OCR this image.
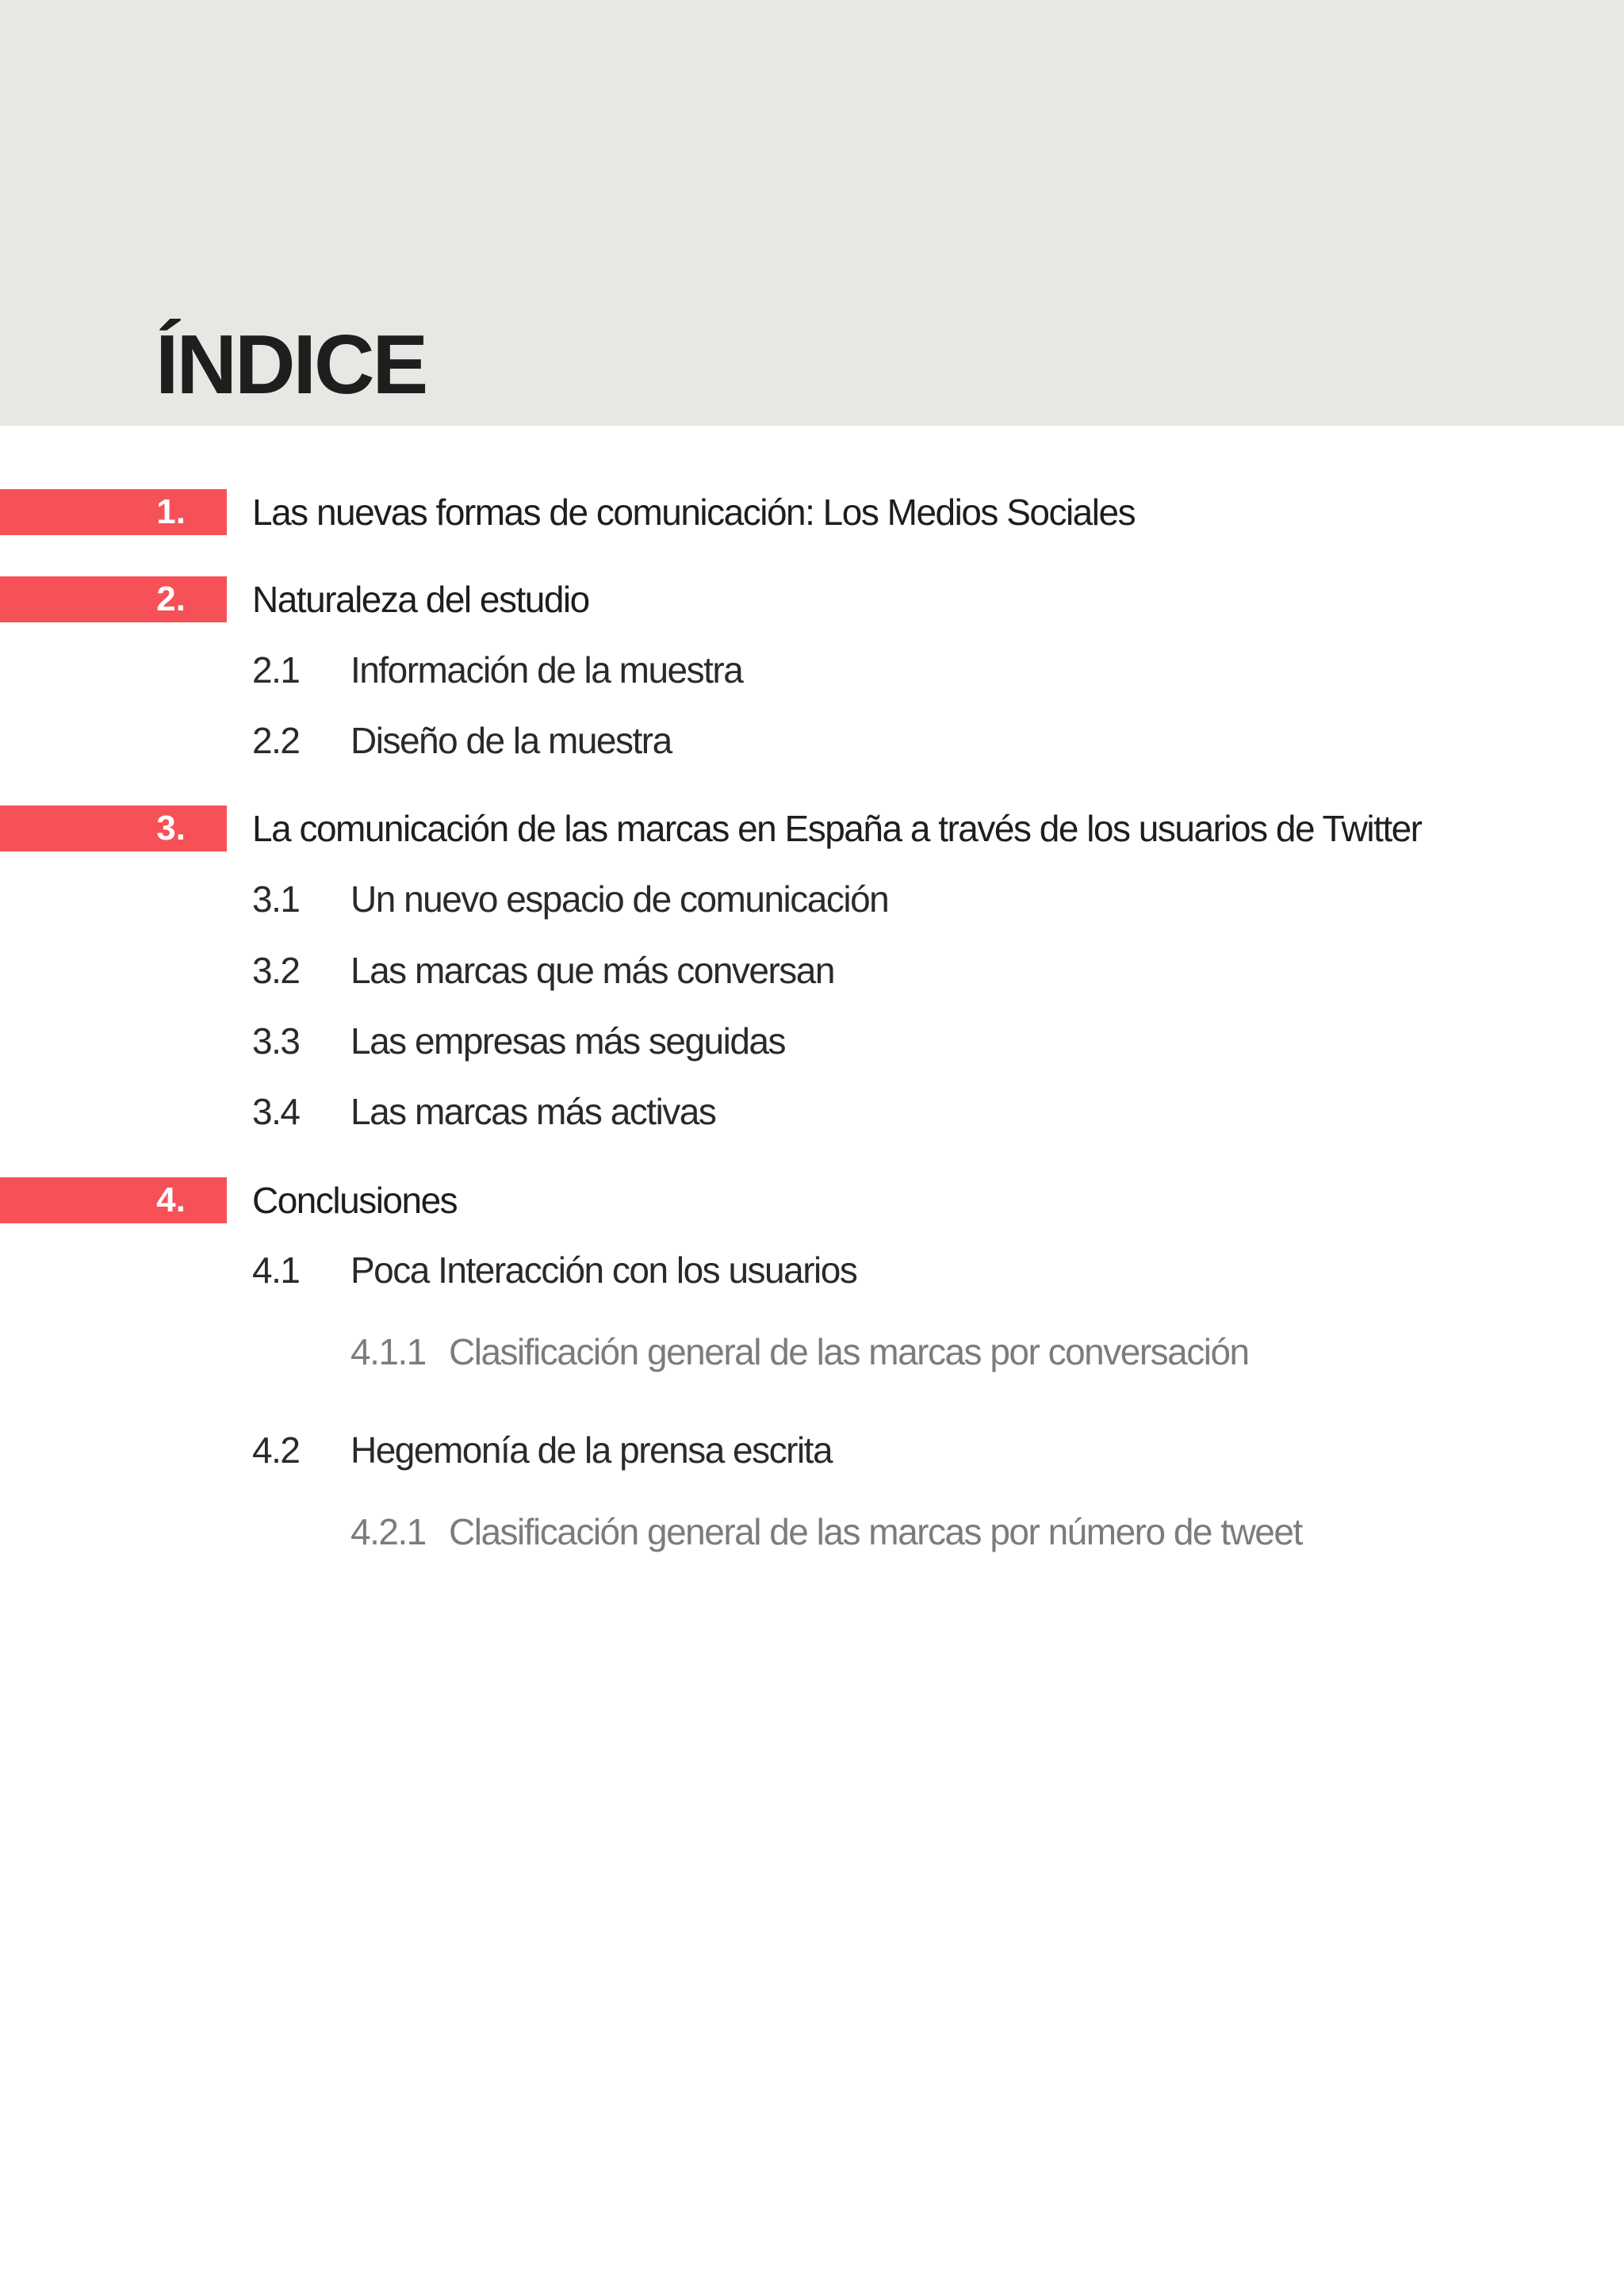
ÍNDICE
1. Las nuevas formas de comunicación: Los Medios Sociales
2. Naturaleza del estudio
2.1 Información de la muestra
2.2 Diseño de la muestra
3. La comunicación de las marcas en España a través de los usuarios de Twitter
3.1 Un nuevo espacio de comunicación
3.2 Las marcas que más conversan
3.3 Las empresas más seguidas
3.4 Las marcas más activas
4. Conclusiones
4.1 Poca Interacción con los usuarios
4.1.1 Clasificación general de las marcas por conversación
4.2 Hegemonía de la prensa escrita
4.2.1 Clasificación general de las marcas por número de tweet
